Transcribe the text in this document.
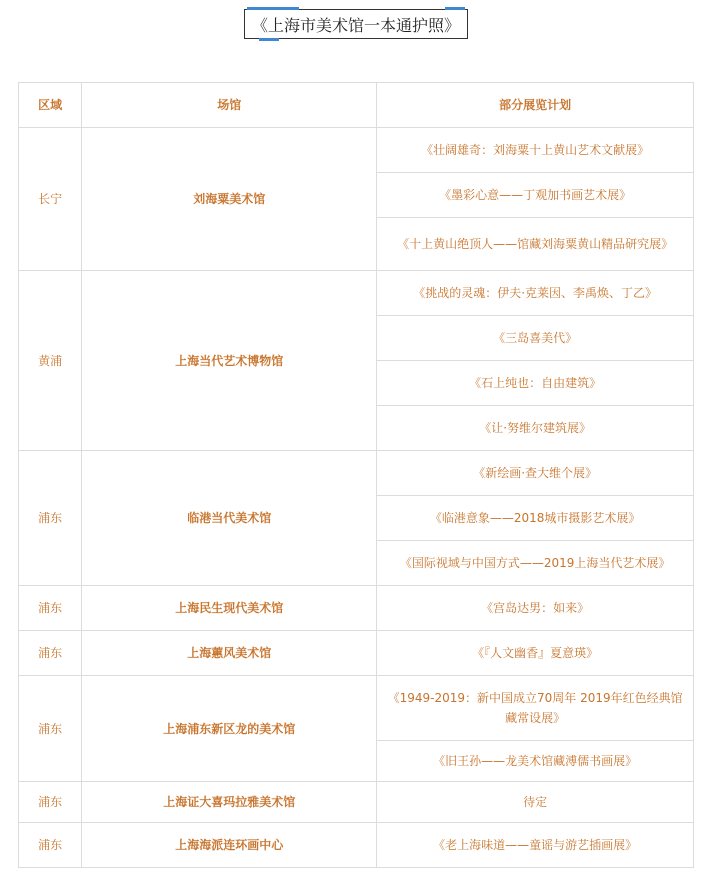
《上海市美术馆一本通护照》
区域	场馆	部分展览计划
长宁	刘海粟美术馆	《壮阔雄奇：刘海粟十上黄山艺术文献展》
		《墨彩心意——丁观加书画艺术展》
		《十上黄山绝顶人——馆藏刘海粟黄山精品研究展》
黄浦	上海当代艺术博物馆	《挑战的灵魂：伊夫·克莱因、李禹焕、丁乙》
		《三岛喜美代》
		《石上纯也：自由建筑》
		《让·努维尔建筑展》
浦东	临港当代美术馆	《新绘画·查大维个展》
		《临港意象——2018城市摄影艺术展》
		《国际视域与中国方式——2019上海当代艺术展》
浦东	上海民生现代美术馆	《宫岛达男：如来》
浦东	上海蕙风美术馆	《『人文幽香』夏意瑛》
浦东	上海浦东新区龙的美术馆	《1949-2019：新中国成立70周年 2019年红色经典馆藏常设展》
		《旧王孙——龙美术馆藏溥儒书画展》
浦东	上海证大喜玛拉雅美术馆	待定
浦东	上海海派连环画中心	《老上海味道——童谣与游艺插画展》
